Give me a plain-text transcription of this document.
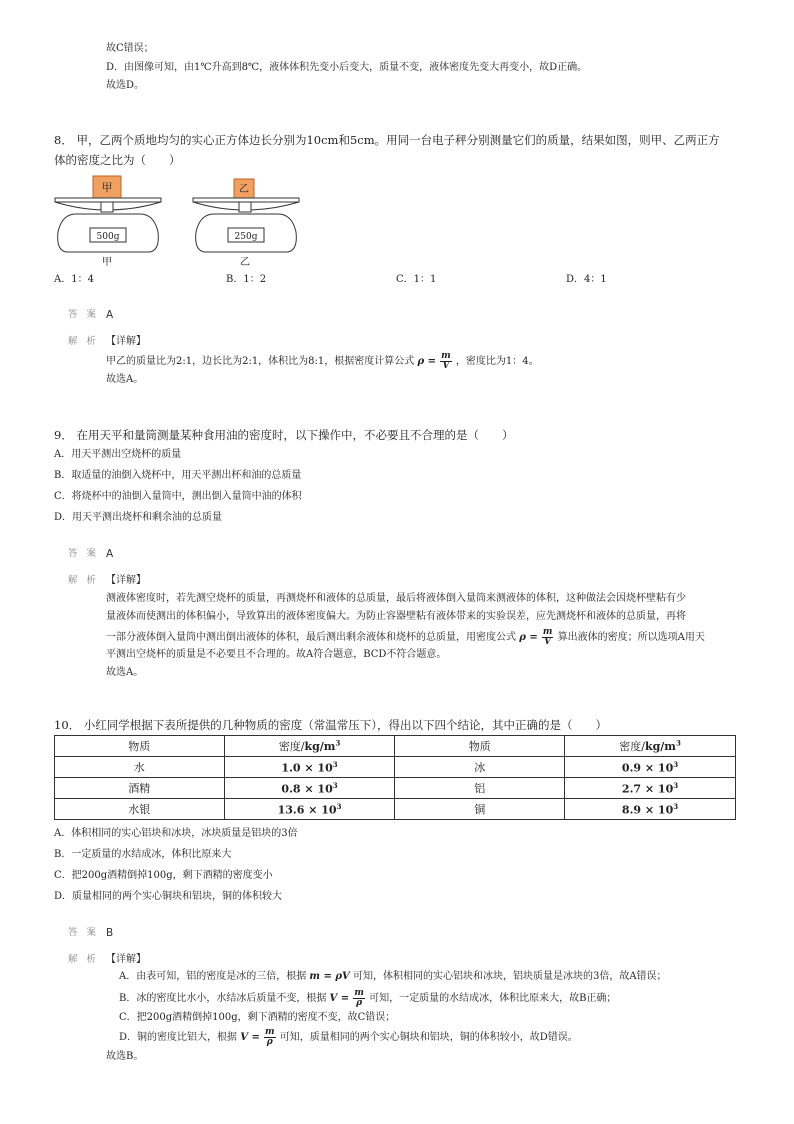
故C错误；
D．由图像可知，由1℃升高到8℃，液体体积先变小后变大，质量不变，液体密度先变大再变小，故D正确。
故选D。
8． 甲，乙两个质地均匀的实心正方体边长分别为10cm和5cm。用同一台电子秤分别测量它们的质量，结果如图，则甲、乙两正方
体的密度之比为（　　）
甲
500g
甲
乙
250g
乙
A．1：4	B．1：2	C．1：1	D．4：1
答 案 A
解 析 【详解】
甲乙的质量比为2:1，边长比为2:1，体积比为8:1，根据密度计算公式 $\rho = \frac{m}{V}$ ，密度比为1：4。
故选A。
9． 在用天平和量筒测量某种食用油的密度时，以下操作中，不必要且不合理的是（　　）
A．用天平测出空烧杯的质量
B．取适量的油倒入烧杯中，用天平测出杯和油的总质量
C．将烧杯中的油倒入量筒中，测出倒入量筒中油的体积
D．用天平测出烧杯和剩余油的总质量
答 案 A
解 析 【详解】
测液体密度时，若先测空烧杯的质量，再测烧杯和液体的总质量，最后将液体倒入量筒来测液体的体积，这种做法会因烧杯壁粘有少
量液体而使测出的体积偏小，导致算出的液体密度偏大。为防止容器壁粘有液体带来的实验误差，应先测烧杯和液体的总质量，再将
一部分液体倒入量筒中测出倒出液体的体积，最后测出剩余液体和烧杯的总质量，用密度公式 $\rho = \frac{m}{V}$ 算出液体的密度；所以选项A用天
平测出空烧杯的质量是不必要且不合理的。故A符合题意，BCD不符合题意。
故选A。
10． 小红同学根据下表所提供的几种物质的密度（常温常压下），得出以下四个结论，其中正确的是（　　）
物质	密度$/kg/m^3$	物质	密度$/kg/m^3$
水	$1.0 \times 10^3$	冰	$0.9 \times 10^3$
酒精	$0.8 \times 10^3$	铝	$2.7 \times 10^3$
水银	$13.6 \times 10^3$	铜	$8.9 \times 10^3$
A．体积相同的实心铝块和冰块，冰块质量是铝块的3倍
B．一定质量的水结成冰，体积比原来大
C．把200g酒精倒掉100g，剩下酒精的密度变小
D．质量相同的两个实心铜块和铝块，铜的体积较大
答 案 B
解 析 【详解】
A．由表可知，铝的密度是冰的三倍，根据 m = ρV 可知，体积相同的实心铝块和冰块，铝块质量是冰块的3倍，故A错误；
B．冰的密度比水小，水结冰后质量不变，根据 $V = \frac{m}{\rho}$ 可知，一定质量的水结成冰，体积比原来大，故B正确；
C．把200g酒精倒掉100g，剩下酒精的密度不变，故C错误；
D．铜的密度比铝大，根据 $V = \frac{m}{\rho}$ 可知，质量相同的两个实心铜块和铝块，铜的体积较小，故D错误。
故选B。
